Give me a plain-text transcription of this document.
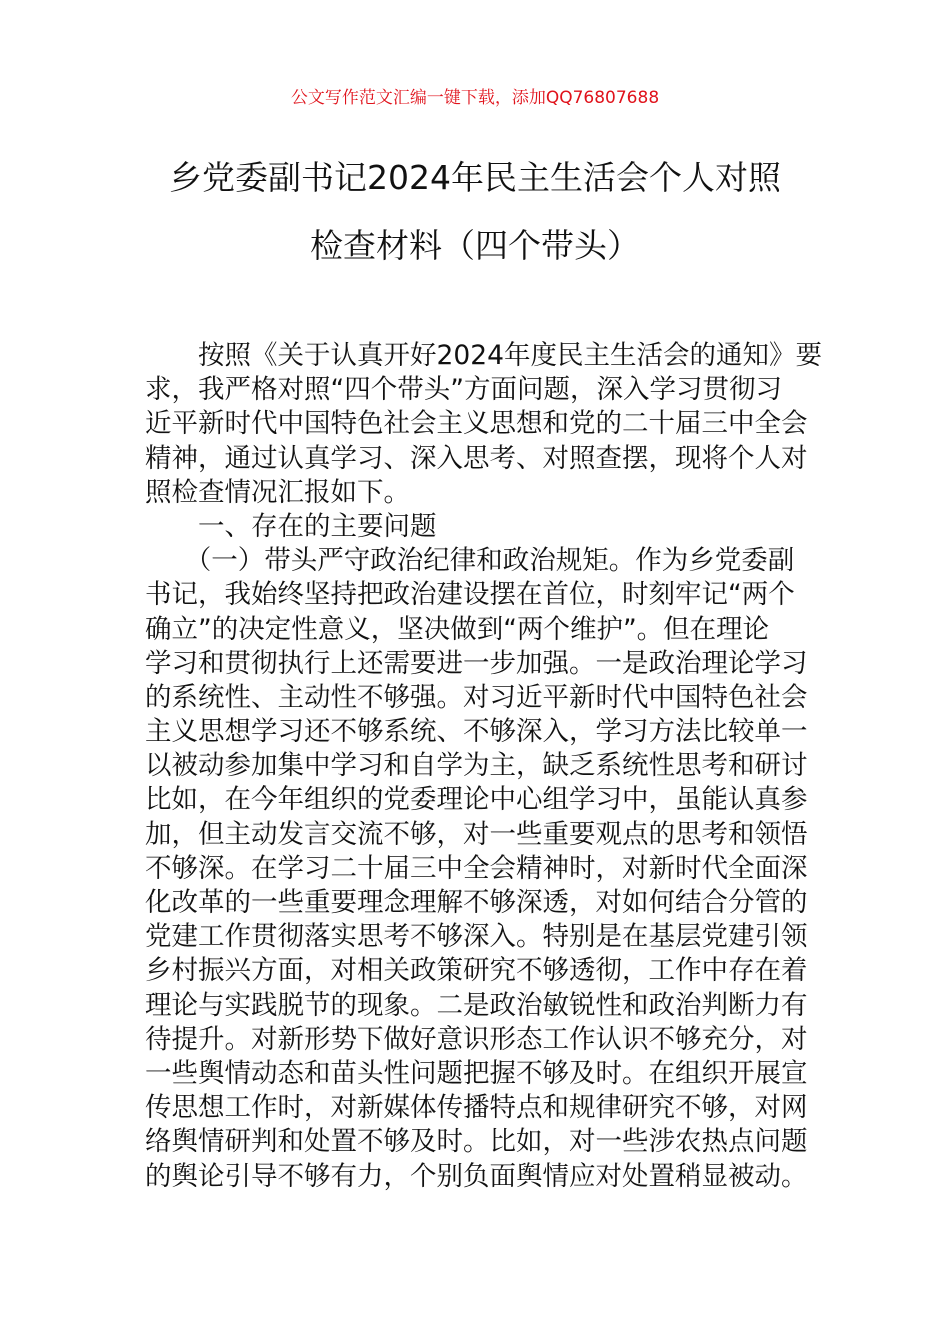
公文写作范文汇编一键下载，添加QQ76807688
乡党委副书记2024年民主生活会个人对照
检查材料（四个带头）
　　按照《关于认真开好2024年度民主生活会的通知》要
求，我严格对照“四个带头”方面问题，深入学习贯彻习
近平新时代中国特色社会主义思想和党的二十届三中全会
精神，通过认真学习、深入思考、对照查摆，现将个人对
照检查情况汇报如下。
　　一、存在的主要问题
　　（一）带头严守政治纪律和政治规矩。作为乡党委副
书记，我始终坚持把政治建设摆在首位，时刻牢记“两个
确立”的决定性意义，坚决做到“两个维护”。但在理论
学习和贯彻执行上还需要进一步加强。一是政治理论学习
的系统性、主动性不够强。对习近平新时代中国特色社会
主义思想学习还不够系统、不够深入，学习方法比较单一
以被动参加集中学习和自学为主，缺乏系统性思考和研讨
比如，在今年组织的党委理论中心组学习中，虽能认真参
加，但主动发言交流不够，对一些重要观点的思考和领悟
不够深。在学习二十届三中全会精神时，对新时代全面深
化改革的一些重要理念理解不够深透，对如何结合分管的
党建工作贯彻落实思考不够深入。特别是在基层党建引领
乡村振兴方面，对相关政策研究不够透彻，工作中存在着
理论与实践脱节的现象。二是政治敏锐性和政治判断力有
待提升。对新形势下做好意识形态工作认识不够充分，对
一些舆情动态和苗头性问题把握不够及时。在组织开展宣
传思想工作时，对新媒体传播特点和规律研究不够，对网
络舆情研判和处置不够及时。比如，对一些涉农热点问题
的舆论引导不够有力，个别负面舆情应对处置稍显被动。
